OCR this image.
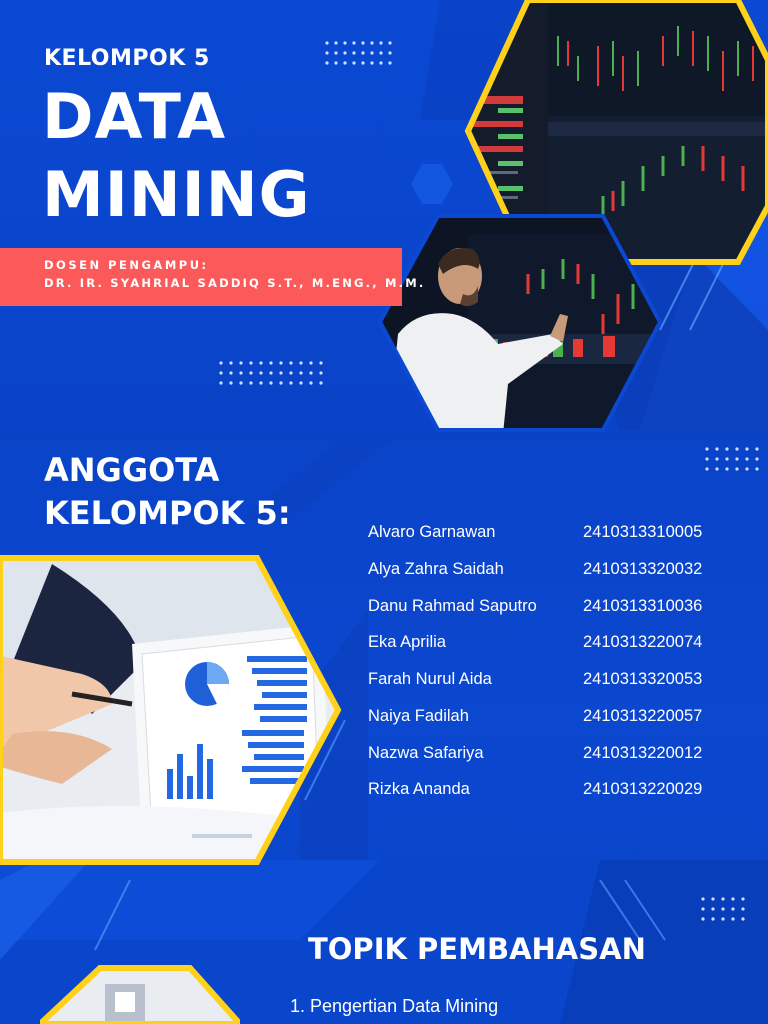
KELOMPOK 5
DATA
MINING
DOSEN PENGAMPU:
DR. IR. SYAHRIAL SADDIQ S.T., M.ENG., M.M.
ANGGOTA
KELOMPOK 5:	Alvaro Garnawan	2410313310005
Alya Zahra Saidah	2410313320032
Danu Rahmad Saputro	2410313310036
Eka Aprilia	2410313220074
Farah Nurul Aida	2410313320053
Naiya Fadilah	2410313220057
Nazwa Safariya	2410313220012
Rizka Ananda	2410313220029
TOPIK PEMBAHASAN
1. Pengertian Data Mining
